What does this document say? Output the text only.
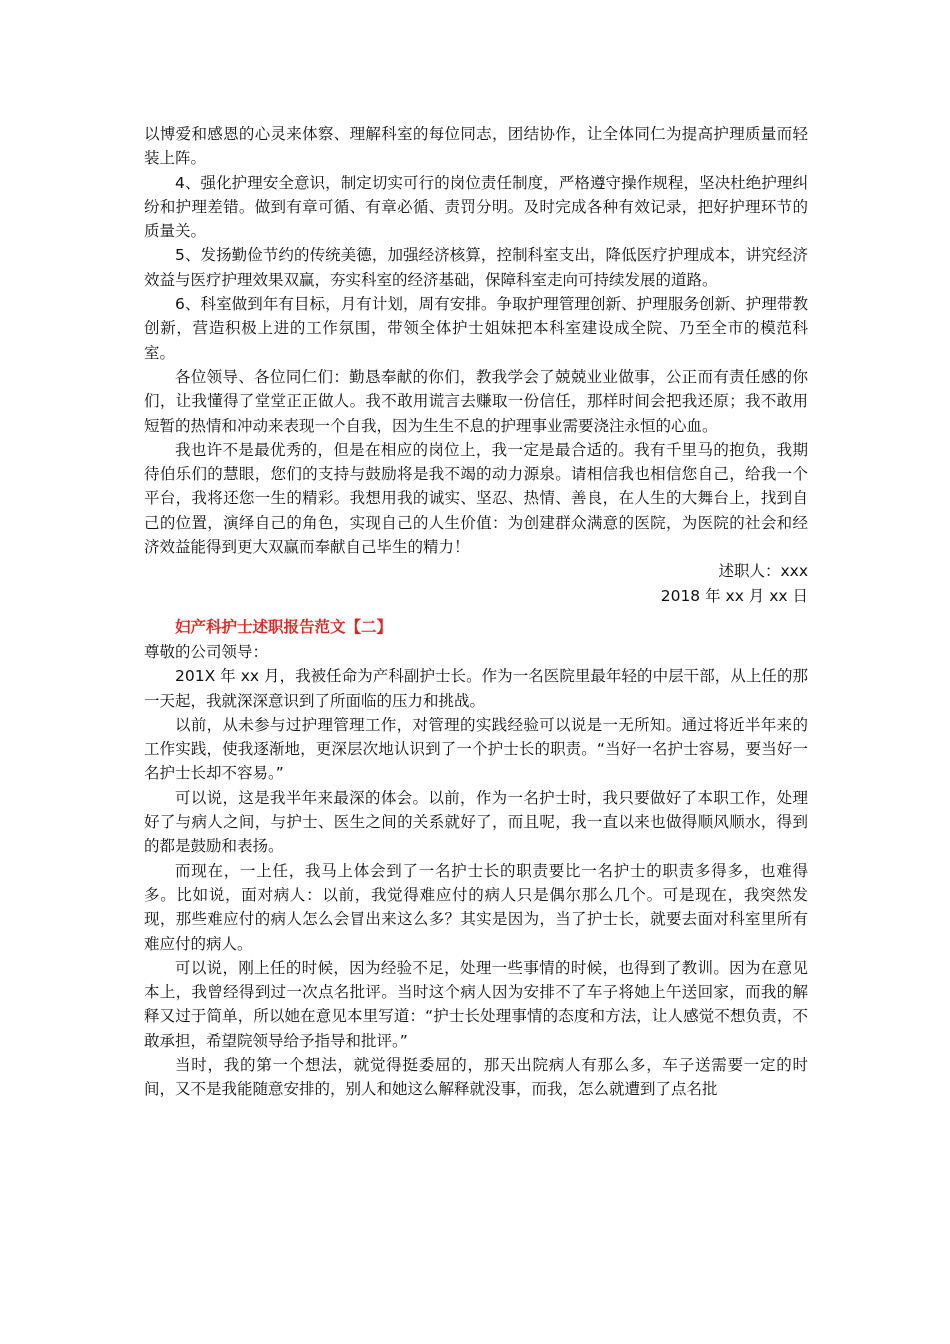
以博爱和感恩的心灵来体察、理解科室的每位同志，团结协作，让全体同仁为提高护理质量而轻装上阵。

4、强化护理安全意识，制定切实可行的岗位责任制度，严格遵守操作规程，坚决杜绝护理纠纷和护理差错。做到有章可循、有章必循、责罚分明。及时完成各种有效记录，把好护理环节的质量关。

5、发扬勤俭节约的传统美德，加强经济核算，控制科室支出，降低医疗护理成本，讲究经济效益与医疗护理效果双赢，夯实科室的经济基础，保障科室走向可持续发展的道路。

6、科室做到年有目标，月有计划，周有安排。争取护理管理创新、护理服务创新、护理带教创新，营造积极上进的工作氛围，带领全体护士姐妹把本科室建设成全院、乃至全市的模范科室。

各位领导、各位同仁们：勤恳奉献的你们，教我学会了兢兢业业做事，公正而有责任感的你们，让我懂得了堂堂正正做人。我不敢用谎言去赚取一份信任，那样时间会把我还原；我不敢用短暂的热情和冲动来表现一个自我，因为生生不息的护理事业需要浇注永恒的心血。

我也许不是最优秀的，但是在相应的岗位上，我一定是最合适的。我有千里马的抱负，我期待伯乐们的慧眼，您们的支持与鼓励将是我不竭的动力源泉。请相信我也相信您自己，给我一个平台，我将还您一生的精彩。我想用我的诚实、坚忍、热情、善良，在人生的大舞台上，找到自己的位置，演绎自己的角色，实现自己的人生价值：为创建群众满意的医院，为医院的社会和经济效益能得到更大双赢而奉献自己毕生的精力！

述职人：xxx

2018 年 xx 月 xx 日

妇产科护士述职报告范文【二】

尊敬的公司领导：

201X 年 xx 月，我被任命为产科副护士长。作为一名医院里最年轻的中层干部，从上任的那一天起，我就深深意识到了所面临的压力和挑战。

以前，从未参与过护理管理工作，对管理的实践经验可以说是一无所知。通过将近半年来的工作实践，使我逐渐地，更深层次地认识到了一个护士长的职责。“当好一名护士容易，要当好一名护士长却不容易。”

可以说，这是我半年来最深的体会。以前，作为一名护士时，我只要做好了本职工作，处理好了与病人之间，与护士、医生之间的关系就好了，而且呢，我一直以来也做得顺风顺水，得到的都是鼓励和表扬。

而现在，一上任，我马上体会到了一名护士长的职责要比一名护士的职责多得多，也难得多。比如说，面对病人：以前，我觉得难应付的病人只是偶尔那么几个。可是现在，我突然发现，那些难应付的病人怎么会冒出来这么多？其实是因为，当了护士长，就要去面对科室里所有难应付的病人。

可以说，刚上任的时候，因为经验不足，处理一些事情的时候，也得到了教训。因为在意见本上，我曾经得到过一次点名批评。当时这个病人因为安排不了车子将她上午送回家，而我的解释又过于简单，所以她在意见本里写道：“护士长处理事情的态度和方法，让人感觉不想负责，不敢承担，希望院领导给予指导和批评。”

当时，我的第一个想法，就觉得挺委屈的，那天出院病人有那么多，车子送需要一定的时间，又不是我能随意安排的，别人和她这么解释就没事，而我，怎么就遭到了点名批
